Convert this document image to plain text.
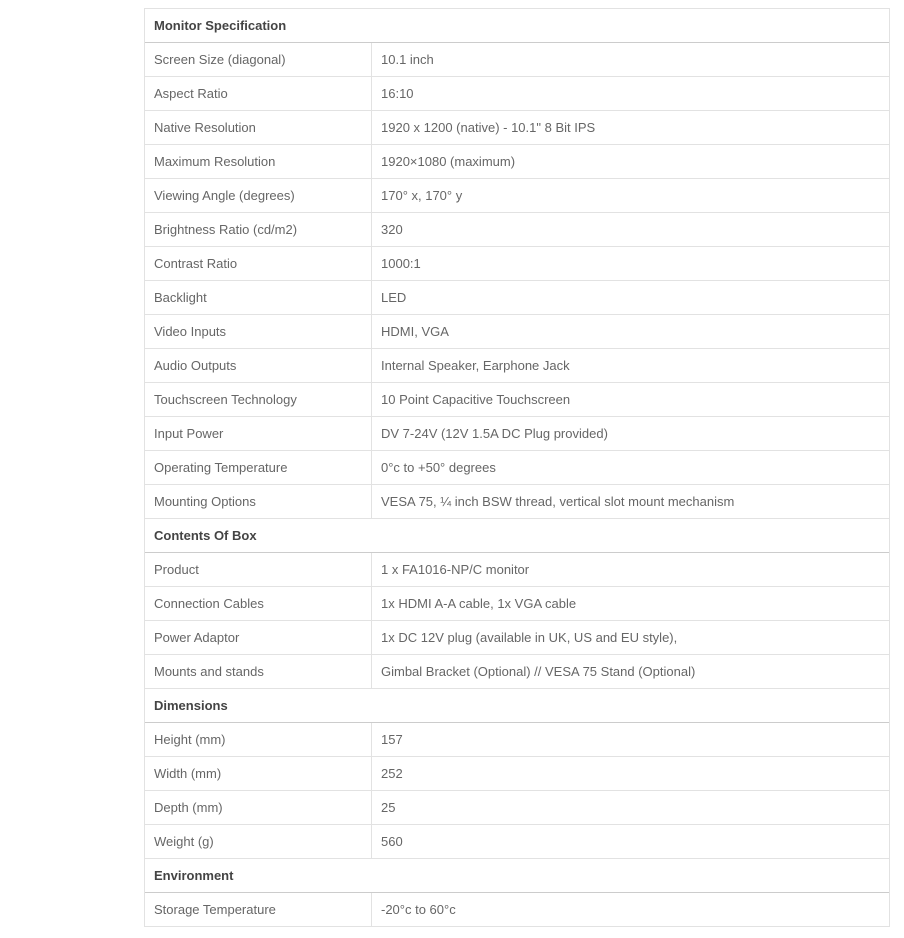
Monitor Specification
Screen Size (diagonal)	10.1 inch
Aspect Ratio	16:10
Native Resolution	1920 x 1200 (native) - 10.1" 8 Bit IPS
Maximum Resolution	1920×1080 (maximum)
Viewing Angle (degrees)	170° x, 170° y
Brightness Ratio (cd/m2)	320
Contrast Ratio	1000:1
Backlight	LED
Video Inputs	HDMI, VGA
Audio Outputs	Internal Speaker, Earphone Jack
Touchscreen Technology	10 Point Capacitive Touchscreen
Input Power	DV 7-24V (12V 1.5A DC Plug provided)
Operating Temperature	0°c to +50° degrees
Mounting Options	VESA 75, ¼ inch BSW thread, vertical slot mount mechanism
Contents Of Box
Product	1 x FA1016-NP/C monitor
Connection Cables	1x HDMI A-A cable, 1x VGA cable
Power Adaptor	1x DC 12V plug (available in UK, US and EU style),
Mounts and stands	Gimbal Bracket (Optional) // VESA 75 Stand (Optional)
Dimensions
Height (mm)	157
Width (mm)	252
Depth (mm)	25
Weight (g)	560
Environment
Storage Temperature	-20°c to 60°c
